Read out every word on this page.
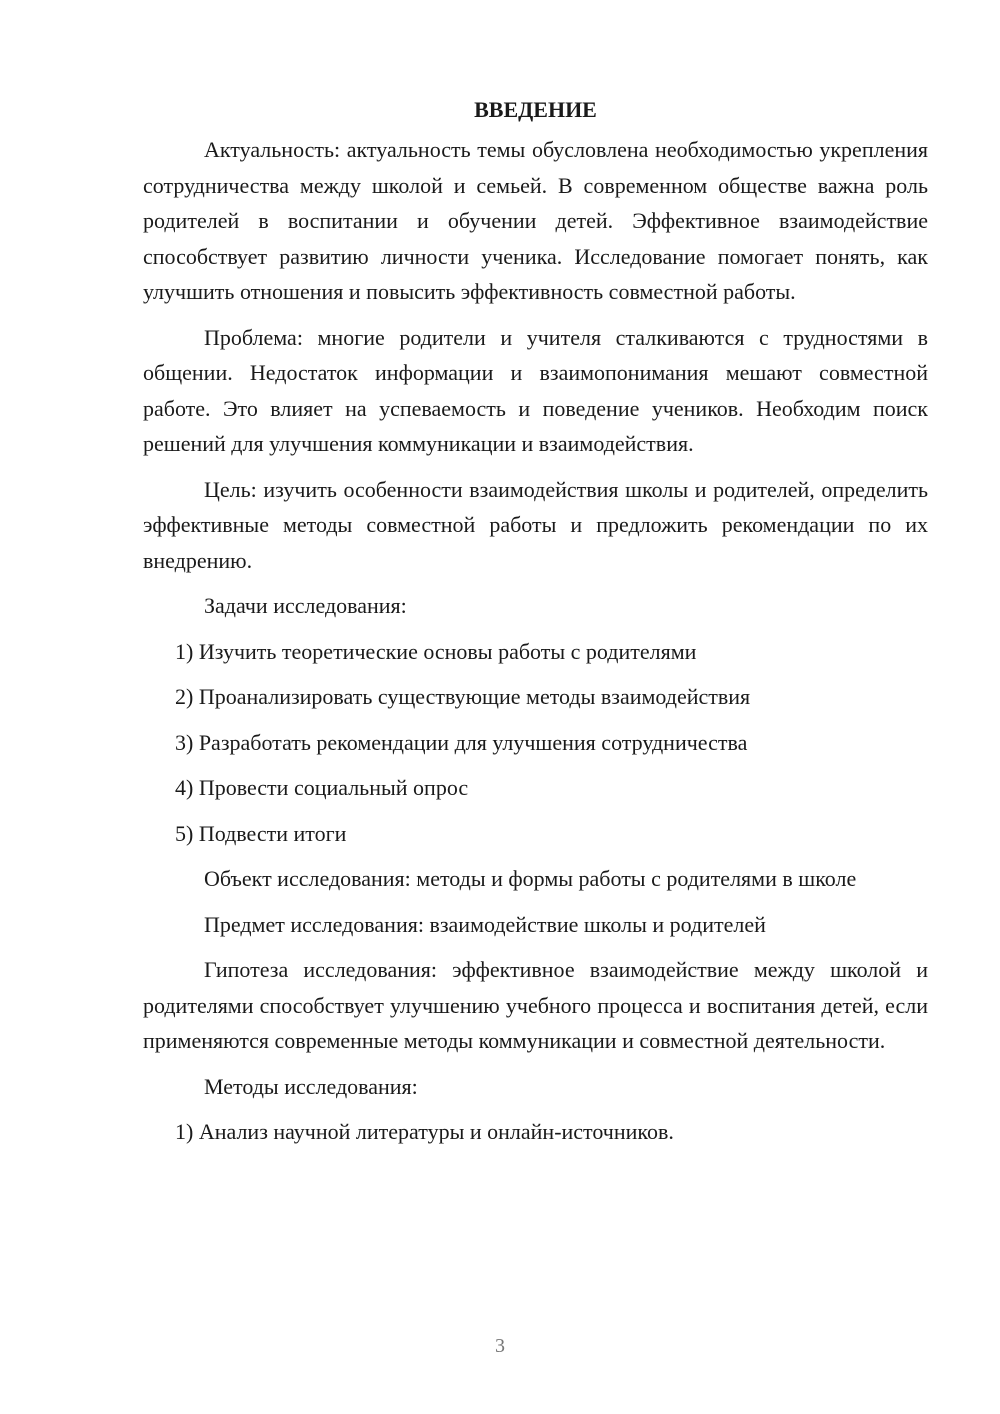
ВВЕДЕНИЕ

Актуальность: актуальность темы обусловлена необходимостью укрепления сотрудничества между школой и семьей. В современном обществе важна роль родителей в воспитании и обучении детей. Эффективное взаимодействие способствует развитию личности ученика. Исследование помогает понять, как улучшить отношения и повысить эффективность совместной работы.

Проблема: многие родители и учителя сталкиваются с трудностями в общении. Недостаток информации и взаимопонимания мешают совместной работе. Это влияет на успеваемость и поведение учеников. Необходим поиск решений для улучшения коммуникации и взаимодействия.

Цель: изучить особенности взаимодействия школы и родителей, определить эффективные методы совместной работы и предложить рекомендации по их внедрению.

Задачи исследования:
1) Изучить теоретические основы работы с родителями
2) Проанализировать существующие методы взаимодействия
3) Разработать рекомендации для улучшения сотрудничества
4) Провести социальный опрос
5) Подвести итоги

Объект исследования: методы и формы работы с родителями в школе

Предмет исследования: взаимодействие школы и родителей

Гипотеза исследования: эффективное взаимодействие между школой и родителями способствует улучшению учебного процесса и воспитания детей, если применяются современные методы коммуникации и совместной деятельности.

Методы исследования:
1) Анализ научной литературы и онлайн-источников.
3
